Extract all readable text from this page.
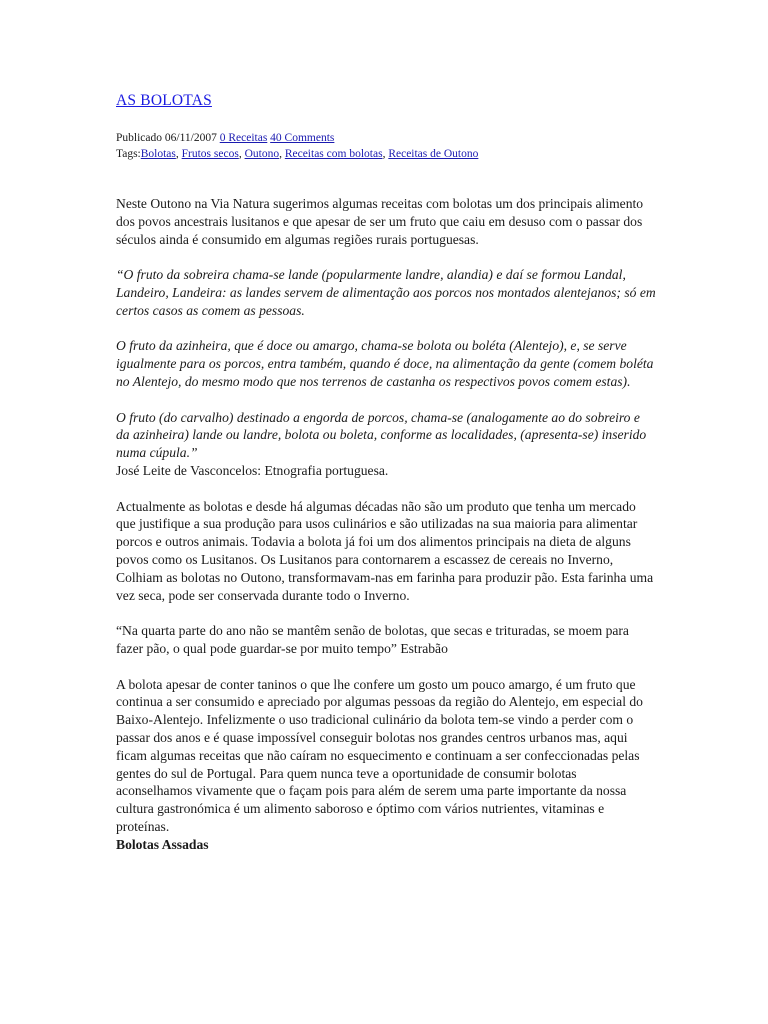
AS BOLOTAS
Publicado 06/11/2007 0 Receitas 40 Comments
Tags:Bolotas, Frutos secos, Outono, Receitas com bolotas, Receitas de Outono

Neste Outono na Via Natura sugerimos algumas receitas com bolotas um dos principais alimento dos povos ancestrais lusitanos e que apesar de ser um fruto que caiu em desuso com o passar dos séculos ainda é consumido em algumas regiões rurais portuguesas.

“O fruto da sobreira chama-se lande (popularmente landre, alandia) e daí se formou Landal, Landeiro, Landeira: as landes servem de alimentação aos porcos nos montados alentejanos; só em certos casos as comem as pessoas.

O fruto da azinheira, que é doce ou amargo, chama-se bolota ou boléta (Alentejo), e, se serve igualmente para os porcos, entra também, quando é doce, na alimentação da gente (comem boléta no Alentejo, do mesmo modo que nos terrenos de castanha os respectivos povos comem estas).

O fruto (do carvalho) destinado a engorda de porcos, chama-se (analogamente ao do sobreiro e da azinheira) lande ou landre, bolota ou boleta, conforme as localidades, (apresenta-se) inserido numa cúpula.”

José Leite de Vasconcelos: Etnografia portuguesa.

Actualmente as bolotas e desde há algumas décadas não são um produto que tenha um mercado que justifique a sua produção para usos culinários e são utilizadas na sua maioria para alimentar porcos e outros animais. Todavia a bolota já foi um dos alimentos principais na dieta de alguns povos como os Lusitanos. Os Lusitanos para contornarem a escassez de cereais no Inverno, Colhiam as bolotas no Outono, transformavam-nas em farinha para produzir pão. Esta farinha uma vez seca, pode ser conservada durante todo o Inverno.

“Na quarta parte do ano não se mantêm senão de bolotas, que secas e trituradas, se moem para fazer pão, o qual pode guardar-se por muito tempo” Estrabão

A bolota apesar de conter taninos o que lhe confere um gosto um pouco amargo, é um fruto que continua a ser consumido e apreciado por algumas pessoas da região do Alentejo, em especial do Baixo-Alentejo. Infelizmente o uso tradicional culinário da bolota tem-se vindo a perder com o passar dos anos e é quase impossível conseguir bolotas nos grandes centros urbanos mas, aqui ficam algumas receitas que não caíram no esquecimento e continuam a ser confeccionadas pelas gentes do sul de Portugal. Para quem nunca teve a oportunidade de consumir bolotas aconselhamos vivamente que o façam pois para além de serem uma parte importante da nossa cultura gastronómica é um alimento saboroso e óptimo com vários nutrientes, vitaminas e proteínas.

Bolotas Assadas
